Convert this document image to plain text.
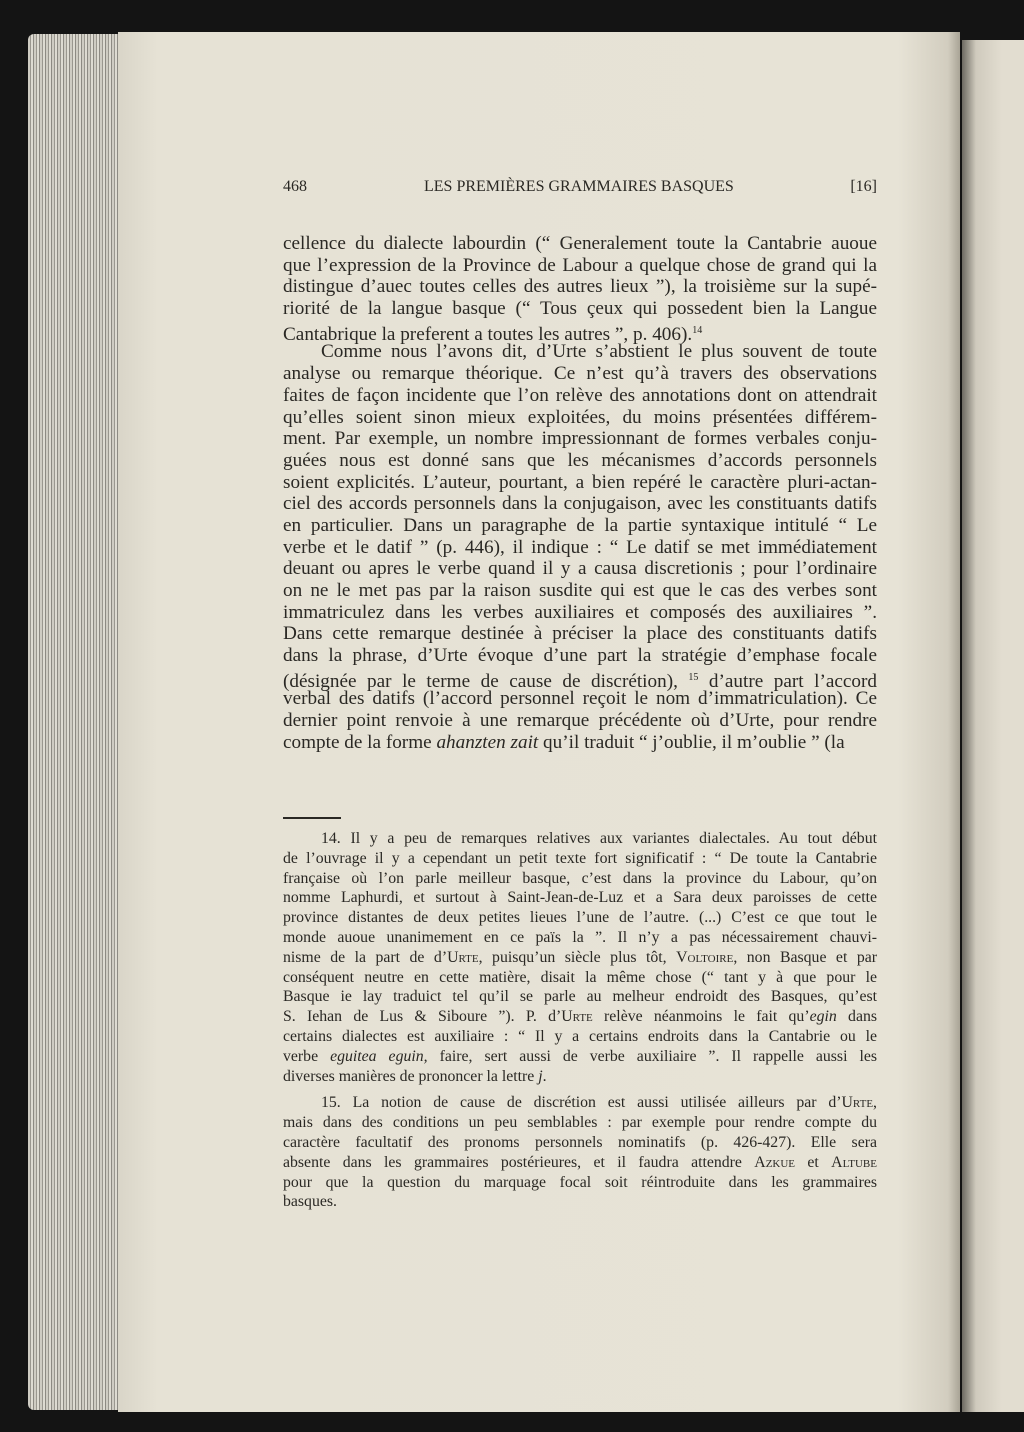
468	LES PREMIÈRES GRAMMAIRES BASQUES	[16]
cellence du dialecte labourdin (“ Generalement toute la Cantabrie auoue
que l’expression de la Province de Labour a quelque chose de grand qui la
distingue d’auec toutes celles des autres lieux ”), la troisième sur la supé-
riorité de la langue basque (“ Tous çeux qui possedent bien la Langue
Cantabrique la preferent a toutes les autres ”, p. 406).$^{14}$
Comme nous l’avons dit, d’Urte s’abstient le plus souvent de toute
analyse ou remarque théorique. Ce n’est qu’à travers des observations
faites de façon incidente que l’on relève des annotations dont on attendrait
qu’elles soient sinon mieux exploitées, du moins présentées différem-
ment. Par exemple, un nombre impressionnant de formes verbales conju-
guées nous est donné sans que les mécanismes d’accords personnels
soient explicités. L’auteur, pourtant, a bien repéré le caractère pluri-actan-
ciel des accords personnels dans la conjugaison, avec les constituants datifs
en particulier. Dans un paragraphe de la partie syntaxique intitulé “ Le
verbe et le datif ” (p. 446), il indique : “ Le datif se met immédiatement
deuant ou apres le verbe quand il y a causa discretionis ; pour l’ordinaire
on ne le met pas par la raison susdite qui est que le cas des verbes sont
immatriculez dans les verbes auxiliaires et composés des auxiliaires ”.
Dans cette remarque destinée à préciser la place des constituants datifs
dans la phrase, d’Urte évoque d’une part la stratégie d’emphase focale
(désignée par le terme de cause de discrétion), $^{15}$ d’autre part l’accord
verbal des datifs (l’accord personnel reçoit le nom d’immatriculation). Ce
dernier point renvoie à une remarque précédente où d’Urte, pour rendre
compte de la forme ahanzten zait qu’il traduit “ j’oublie, il m’oublie ” (la
14. Il y a peu de remarques relatives aux variantes dialectales. Au tout début
de l’ouvrage il y a cependant un petit texte fort significatif : “ De toute la Cantabrie
française où l’on parle meilleur basque, c’est dans la province du Labour, qu’on
nomme Laphurdi, et surtout à Saint-Jean-de-Luz et a Sara deux paroisses de cette
province distantes de deux petites lieues l’une de l’autre. (...) C’est ce que tout le
monde auoue unanimement en ce païs la ”. Il n’y a pas nécessairement chauvi-
nisme de la part de d’Urte, puisqu’un siècle plus tôt, Voltoire, non Basque et par
conséquent neutre en cette matière, disait la même chose (“ tant y à que pour le
Basque ie lay traduict tel qu’il se parle au melheur endroidt des Basques, qu’est
S. Iehan de Lus & Siboure ”). P. d’Urte relève néanmoins le fait qu’egin dans
certains dialectes est auxiliaire : “ Il y a certains endroits dans la Cantabrie ou le
verbe eguitea eguin, faire, sert aussi de verbe auxiliaire ”. Il rappelle aussi les
diverses manières de prononcer la lettre j.
15. La notion de cause de discrétion est aussi utilisée ailleurs par d’Urte,
mais dans des conditions un peu semblables : par exemple pour rendre compte du
caractère facultatif des pronoms personnels nominatifs (p. 426-427). Elle sera
absente dans les grammaires postérieures, et il faudra attendre Azkue et Altube
pour que la question du marquage focal soit réintroduite dans les grammaires
basques.
